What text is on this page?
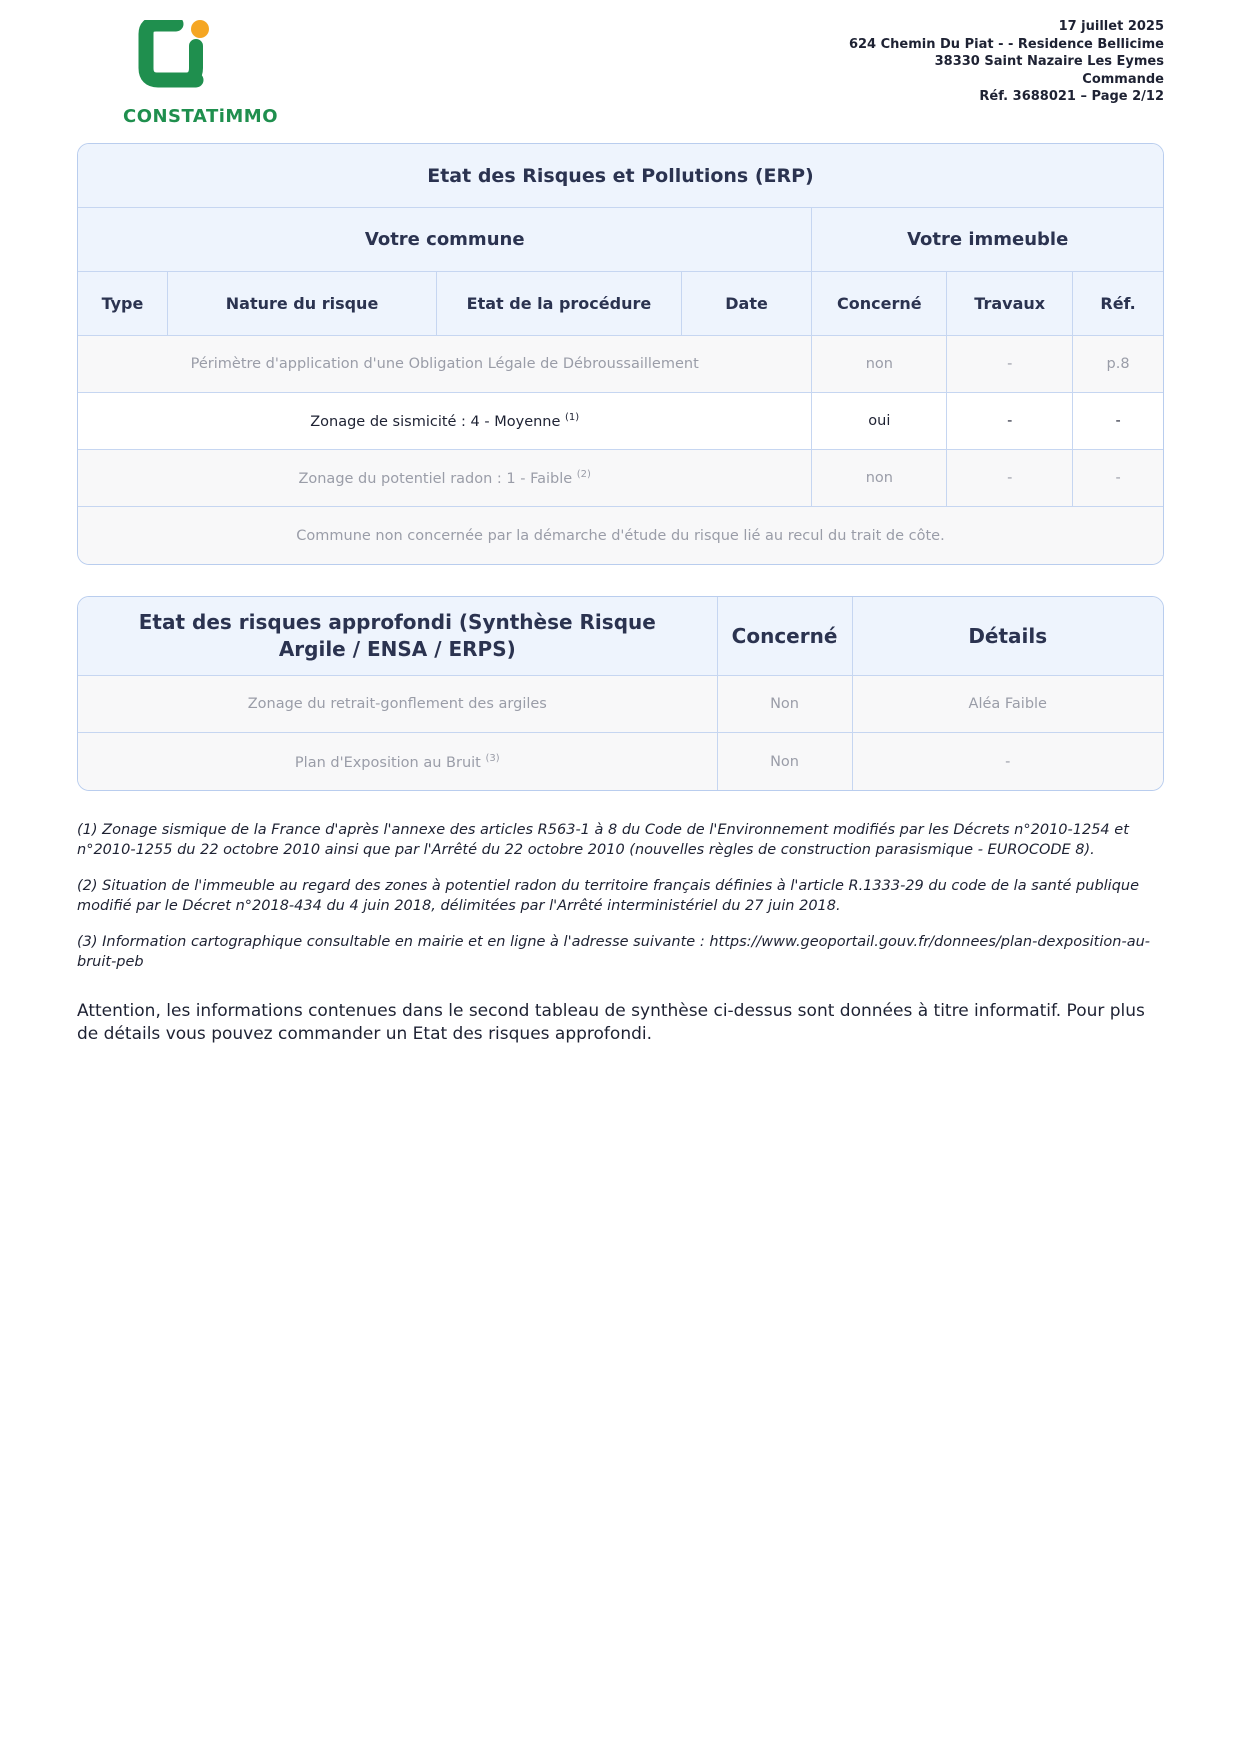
CONSTATiMMO
17 juillet 2025
624 Chemin Du Piat - - Residence Bellicime
38330 Saint Nazaire Les Eymes
Commande
Réf. 3688021 – Page 2/12
Etat des Risques et Pollutions (ERP)						
Votre commune				Votre immeuble		
Type	Nature du risque	Etat de la procédure	Date	Concerné	Travaux	Réf.
Périmètre d'application d'une Obligation Légale de Débroussaillement				non	-	p.8
Zonage de sismicité : 4 - Moyenne $^{(1)}$				oui	-	-
Zonage du potentiel radon : 1 - Faible $^{(2)}$				non	-	-
Commune non concernée par la démarche d'étude du risque lié au recul du trait de côte.						
Etat des risques approfondi (Synthèse Risque Argile / ENSA / ERPS)	Concerné	Détails
Zonage du retrait-gonflement des argiles	Non	Aléa Faible
Plan d'Exposition au Bruit $^{(3)}$	Non	-

(1) Zonage sismique de la France d'après l'annexe des articles R563-1 à 8 du Code de l'Environnement modifiés par les Décrets n°2010-1254 et n°2010-1255 du 22 octobre 2010 ainsi que par l'Arrêté du 22 octobre 2010 (nouvelles règles de construction parasismique - EUROCODE 8).

(2) Situation de l'immeuble au regard des zones à potentiel radon du territoire français définies à l'article R.1333-29 du code de la santé publique modifié par le Décret n°2018-434 du 4 juin 2018, délimitées par l'Arrêté interministériel du 27 juin 2018.

(3) Information cartographique consultable en mairie et en ligne à l'adresse suivante : https://www.geoportail.gouv.fr/donnees/plan-dexposition-au-bruit-peb

Attention, les informations contenues dans le second tableau de synthèse ci-dessus sont données à titre informatif. Pour plus de détails vous pouvez commander un Etat des risques approfondi.
